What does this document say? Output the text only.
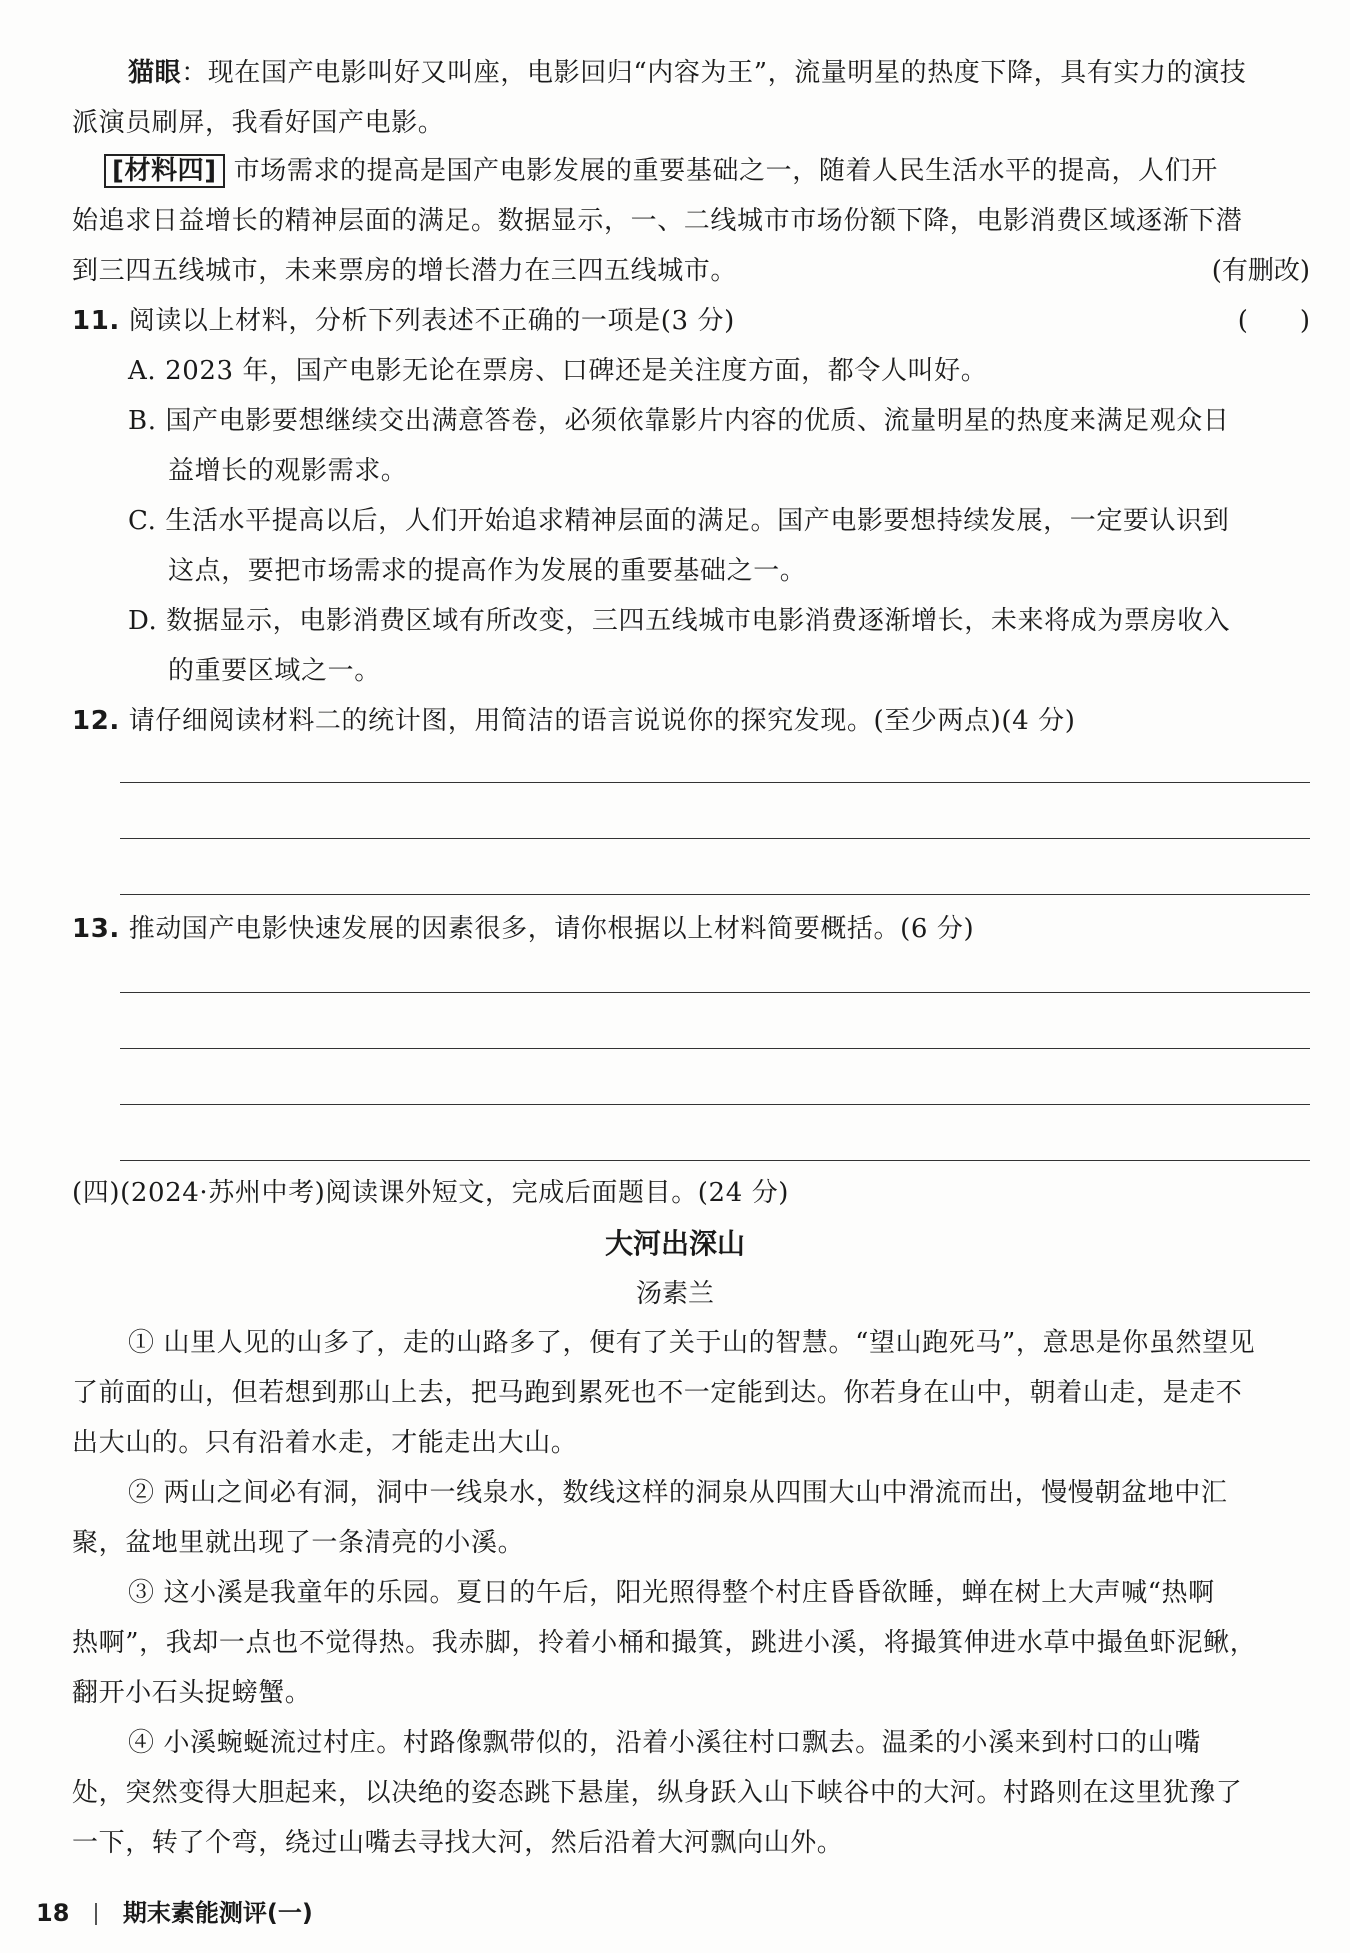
猫眼：现在国产电影叫好又叫座，电影回归“内容为王”，流量明星的热度下降，具有实力的演技
派演员刷屏，我看好国产电影。
[材料四] 市场需求的提高是国产电影发展的重要基础之一，随着人民生活水平的提高，人们开
始追求日益增长的精神层面的满足。数据显示，一、二线城市市场份额下降，电影消费区域逐渐下潜
到三四五线城市，未来票房的增长潜力在三四五线城市。	(有删改)
11. 阅读以上材料，分析下列表述不正确的一项是(3 分)	(　　)
A. 2023 年，国产电影无论在票房、口碑还是关注度方面，都令人叫好。
B. 国产电影要想继续交出满意答卷，必须依靠影片内容的优质、流量明星的热度来满足观众日
益增长的观影需求。
C. 生活水平提高以后，人们开始追求精神层面的满足。国产电影要想持续发展，一定要认识到
这点，要把市场需求的提高作为发展的重要基础之一。
D. 数据显示，电影消费区域有所改变，三四五线城市电影消费逐渐增长，未来将成为票房收入
的重要区域之一。
12. 请仔细阅读材料二的统计图，用简洁的语言说说你的探究发现。(至少两点)(4 分)
13. 推动国产电影快速发展的因素很多，请你根据以上材料简要概括。(6 分)
(四)(2024·苏州中考)阅读课外短文，完成后面题目。(24 分)
大河出深山
汤素兰
① 山里人见的山多了，走的山路多了，便有了关于山的智慧。“望山跑死马”，意思是你虽然望见
了前面的山，但若想到那山上去，把马跑到累死也不一定能到达。你若身在山中，朝着山走，是走不
出大山的。只有沿着水走，才能走出大山。
② 两山之间必有洞，洞中一线泉水，数线这样的洞泉从四围大山中滑流而出，慢慢朝盆地中汇
聚，盆地里就出现了一条清亮的小溪。
③ 这小溪是我童年的乐园。夏日的午后，阳光照得整个村庄昏昏欲睡，蝉在树上大声喊“热啊
热啊”，我却一点也不觉得热。我赤脚，拎着小桶和撮箕，跳进小溪，将撮箕伸进水草中撮鱼虾泥鳅，
翻开小石头捉螃蟹。
④ 小溪蜿蜒流过村庄。村路像飘带似的，沿着小溪往村口飘去。温柔的小溪来到村口的山嘴
处，突然变得大胆起来，以决绝的姿态跳下悬崖，纵身跃入山下峡谷中的大河。村路则在这里犹豫了
一下，转了个弯，绕过山嘴去寻找大河，然后沿着大河飘向山外。
18 期末素能测评(一)
